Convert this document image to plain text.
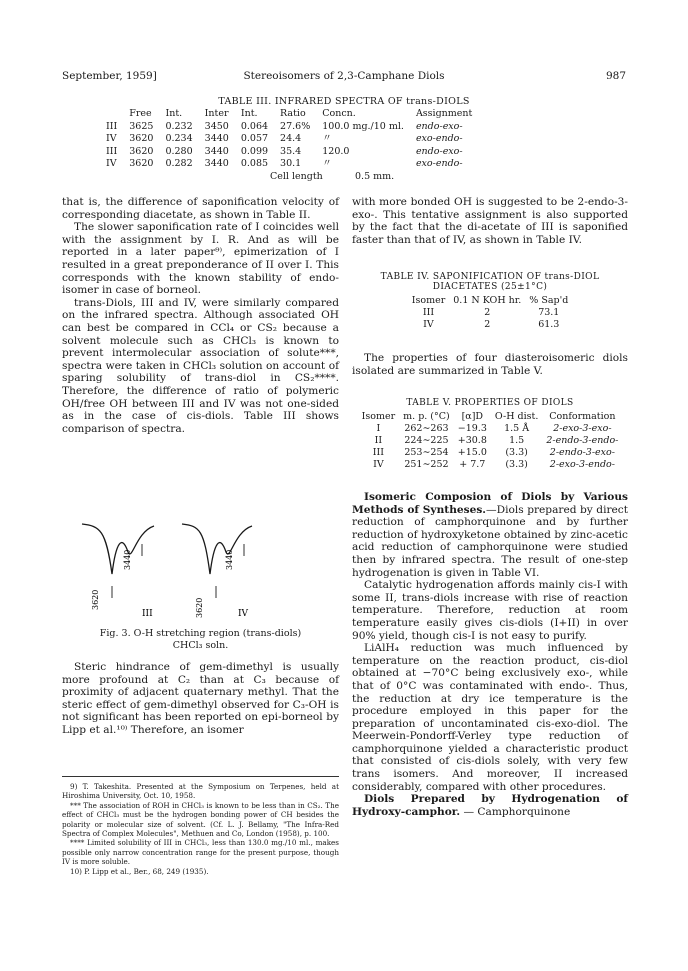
September, 1959]	Stereoisomers of 2,3-Camphane Diols	987
TABLE III. INFRARED SPECTRA OF trans-DIOLS
	Free	Int.	Inter	Int.	Ratio	Concn.	Assignment
III	3625	0.232	3450	0.064	27.6%	100.0 mg./10 ml.	endo-exo-
IV	3620	0.234	3440	0.057	24.4	〃	exo-endo-
III	3620	0.280	3440	0.099	35.4	120.0	endo-exo-
IV	3620	0.282	3440	0.085	30.1	〃	exo-endo-
Cell length	0.5 mm.

that is, the difference of saponification velocity of corresponding diacetate, as shown in Table II.

The slower saponification rate of I coincides well with the assignment by I. R. And as will be reported in a later paper⁹⁾, epimerization of I resulted in a great preponderance of II over I. This corresponds with the known stability of endo-isomer in case of borneol.

trans-Diols, III and IV, were similarly compared on the infrared spectra. Although associated OH can best be compared in CCl₄ or CS₂ because a solvent molecule such as CHCl₃ is known to prevent intermolecular association of solute***, spectra were taken in CHCl₃ solution on account of sparing solubility of trans-diol in CS₂****. Therefore, the difference of ratio of polymeric OH/free OH between III and IV was not one-sided as in the case of cis-diols. Table III shows comparison of spectra.

3620
3440
3620
3440
III	IV
Fig. 3. O-H stretching region (trans-diols)
CHCl₃ soln.

Steric hindrance of gem-dimethyl is usually more profound at C₂ than at C₃ because of proximity of adjacent quaternary methyl. That the steric effect of gem-dimethyl observed for C₃-OH is not significant has been reported on epi-borneol by Lipp et al.¹⁰⁾ Therefore, an isomer

9) T. Takeshita. Presented at the Symposium on Terpenes, held at Hiroshima University, Oct. 10, 1958.

*** The association of ROH in CHCl₃ is known to be less than in CS₂. The effect of CHCl₃ must be the hydrogen bonding power of CH besides the polarity or molecular size of solvent. (Cf. L. J. Bellamy, "The Infra-Red Spectra of Complex Molecules", Methuen and Co, London (1958), p. 100.

**** Limited solubility of III in CHCl₃, less than 130.0 mg./10 ml., makes possible only narrow concentration range for the present purpose, though IV is more soluble.

10) P. Lipp et al., Ber., 68, 249 (1935).

with more bonded OH is suggested to be 2-endo-3-exo-. This tentative assignment is also supported by the fact that the di-acetate of III is saponified faster than that of IV, as shown in Table IV.

TABLE IV. SAPONIFICATION OF trans-DIOL
DIACETATES (25±1°C)
Isomer	0.1 N KOH hr.	% Sap'd
III	2	73.1
IV	2	61.3

The properties of four diasteroisomeric diols isolated are summarized in Table V.

TABLE V. PROPERTIES OF DIOLS
Isomer	m. p. (°C)	[α]D	O-H dist.	Conformation
I	262∼263	−19.3	1.5 Å	2-exo-3-exo-
II	224∼225	+30.8	1.5	2-endo-3-endo-
III	253∼254	+15.0	(3.3)	2-endo-3-exo-
IV	251∼252	+ 7.7	(3.3)	2-exo-3-endo-

Isomeric Composion of Diols by Various Methods of Syntheses.—Diols prepared by direct reduction of camphorquinone and by further reduction of hydroxyketone obtained by zinc-acetic acid reduction of camphorquinone were studied then by infrared spectra. The result of one-step hydrogenation is given in Table VI.

Catalytic hydrogenation affords mainly cis-I with some II, trans-diols increase with rise of reaction temperature. Therefore, reduction at room temperature easily gives cis-diols (I+II) in over 90% yield, though cis-I is not easy to purify.

LiAlH₄ reduction was much influenced by temperature on the reaction product, cis-diol obtained at −70°C being exclusively exo-, while that of 0°C was contaminated with endo-. Thus, the reduction at dry ice temperature is the procedure employed in this paper for the preparation of uncontaminated cis-exo-diol. The Meerwein-Pondorff-Verley type reduction of camphorquinone yielded a characteristic product that consisted of cis-diols solely, with very few trans isomers. And moreover, II increased considerably, compared with other procedures.

Diols Prepared by Hydrogenation of Hydroxy-camphor. — Camphorquinone
